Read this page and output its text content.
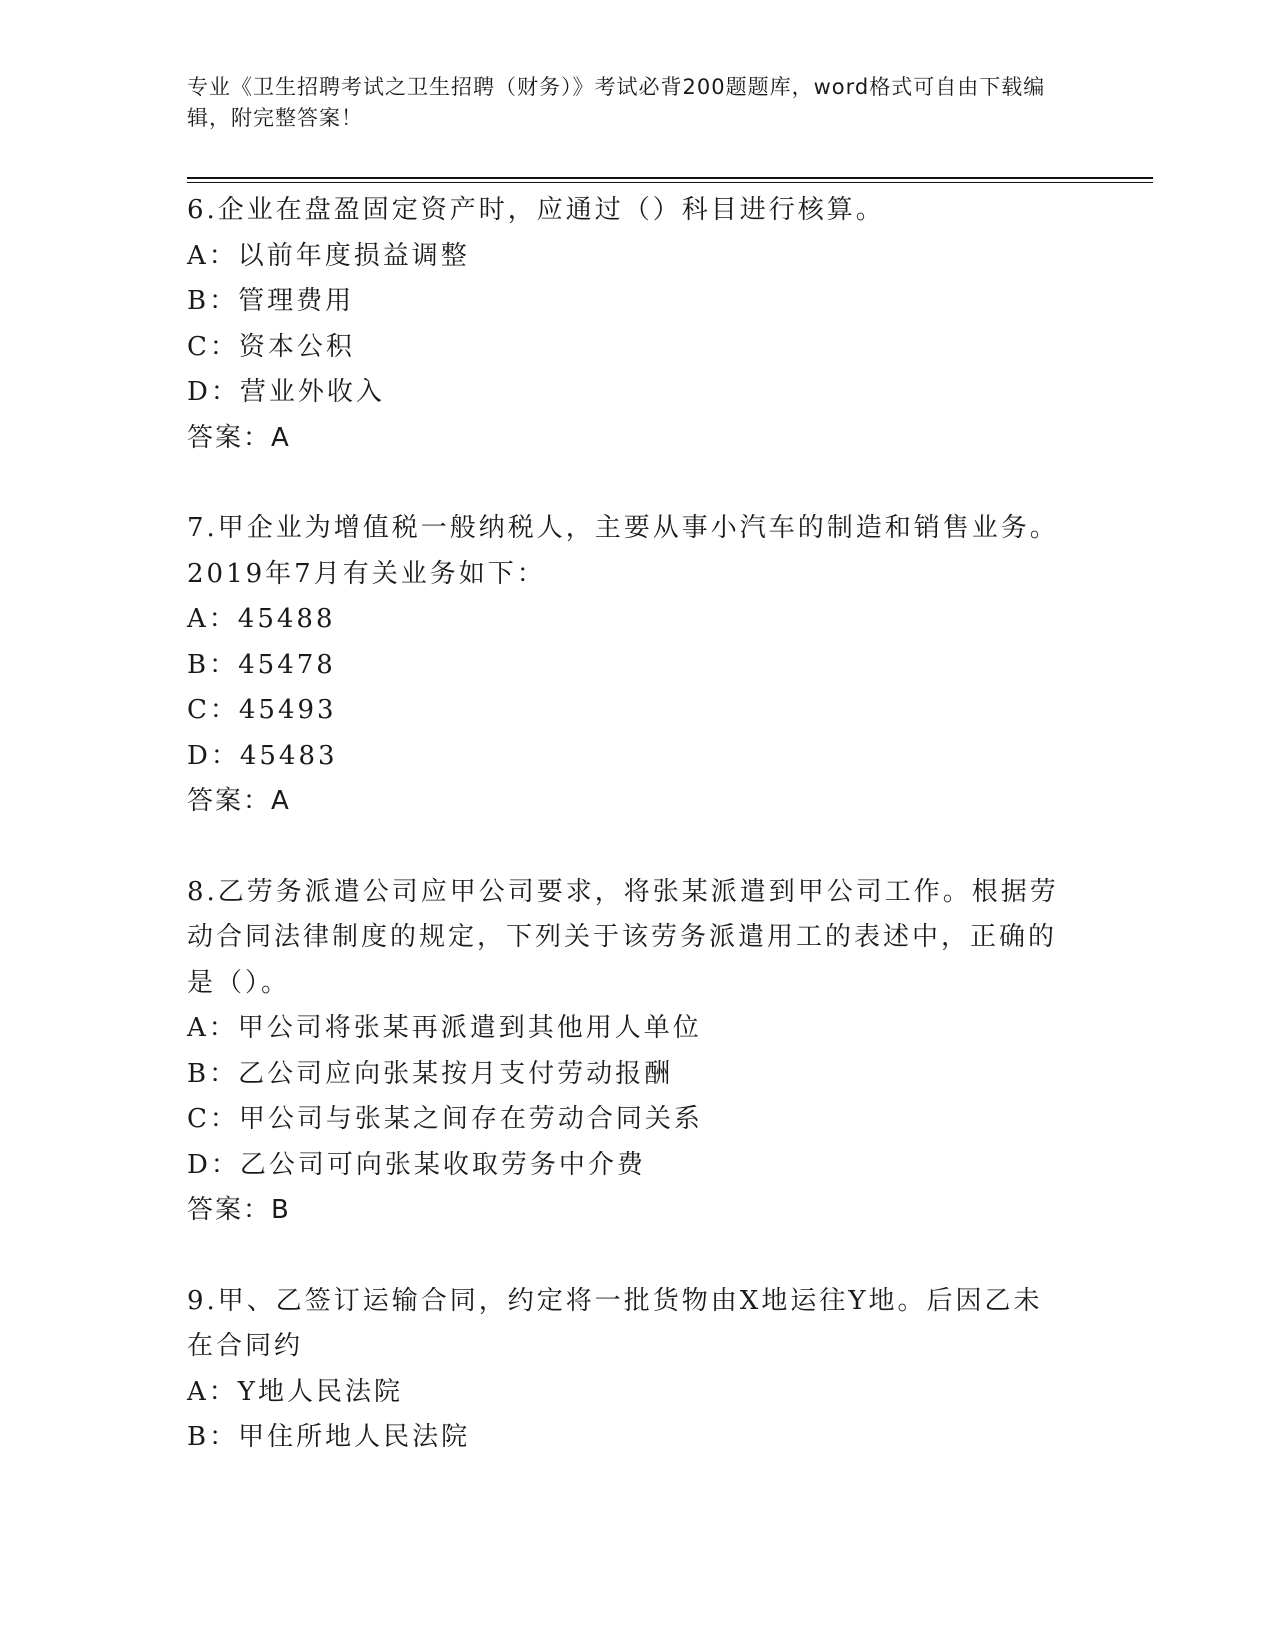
专业《卫生招聘考试之卫生招聘（财务）》考试必背200题题库，word格式可自由下载编辑，附完整答案！

6.企业在盘盈固定资产时，应通过（）科目进行核算。

A：以前年度损益调整

B：管理费用

C：资本公积

D：营业外收入

答案：A

7.甲企业为增值税一般纳税人，主要从事小汽车的制造和销售业务。2019年7月有关业务如下：

A：45488

B：45478

C：45493

D：45483

答案：A

8.乙劳务派遣公司应甲公司要求，将张某派遣到甲公司工作。根据劳动合同法律制度的规定，下列关于该劳务派遣用工的表述中，正确的是（）。

A：甲公司将张某再派遣到其他用人单位

B：乙公司应向张某按月支付劳动报酬

C：甲公司与张某之间存在劳动合同关系

D：乙公司可向张某收取劳务中介费

答案：B

9.甲、乙签订运输合同，约定将一批货物由X地运往Y地。后因乙未在合同约

A：Y地人民法院

B：甲住所地人民法院
